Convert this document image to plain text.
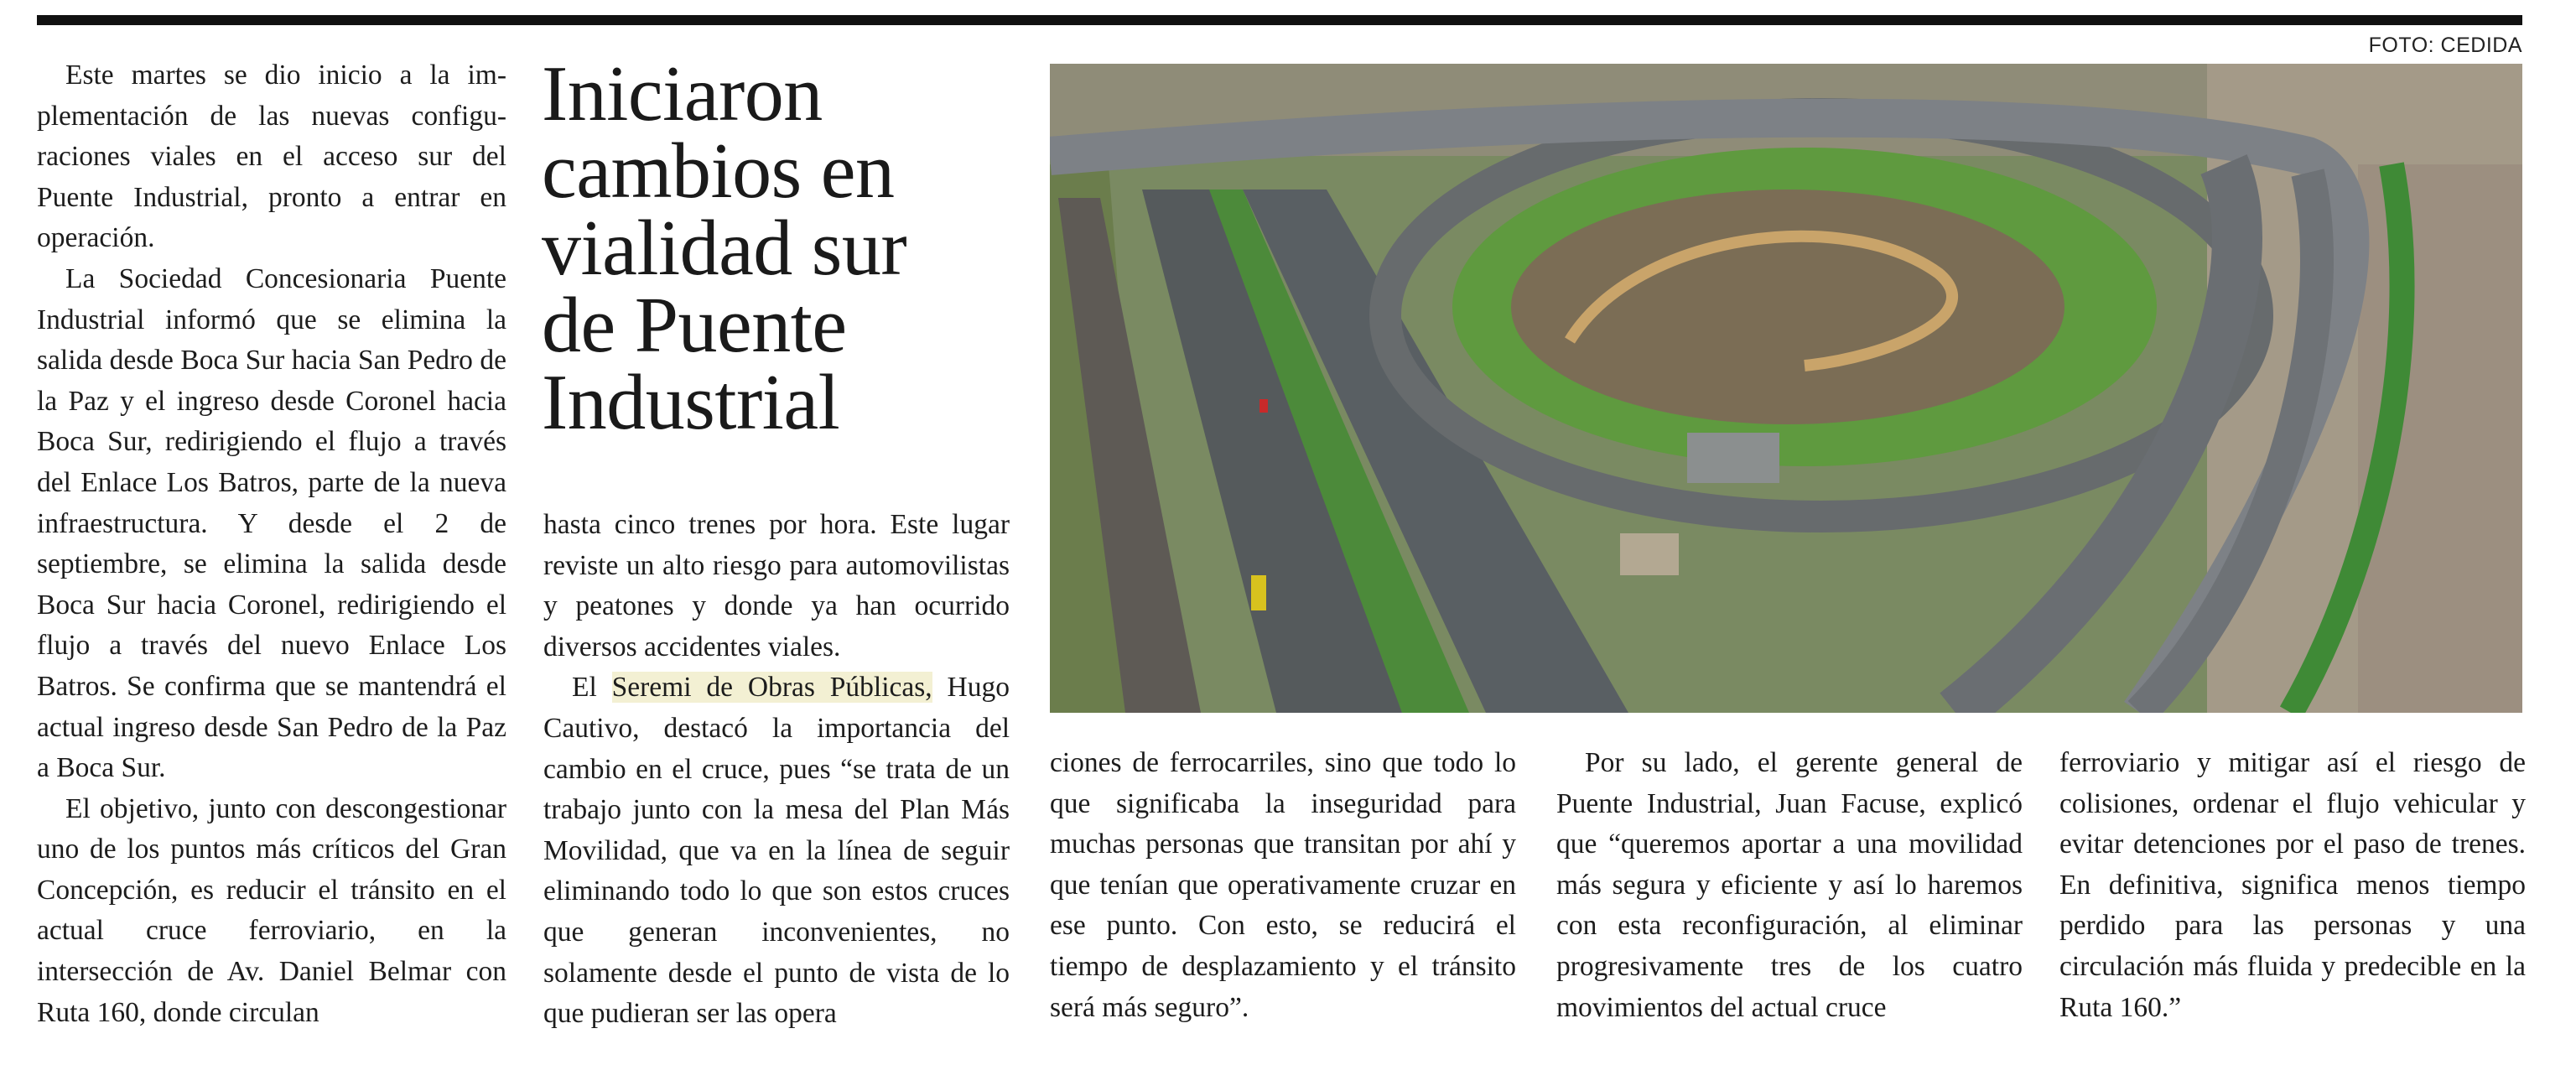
FOTO: CEDIDA

Este martes se dio inicio a la implementación de las nuevas configuraciones viales en el acceso sur del Puente Industrial, pronto a entrar en operación.

La Sociedad Concesionaria Puente Industrial informó que se elimina la salida desde Boca Sur hacia San Pedro de la Paz y el ingreso desde Coronel hacia Boca Sur, redirigiendo el flujo a través del Enlace Los Batros, parte de la nueva infraestructura. Y desde el 2 de septiembre, se elimina la salida desde Boca Sur hacia Coronel, redirigiendo el flujo a través del nuevo Enlace Los Batros. Se confirma que se mantendrá el actual ingreso desde San Pedro de la Paz a Boca Sur.

El objetivo, junto con descongestionar uno de los puntos más críticos del Gran Concepción, es reducir el tránsito en el actual cruce ferroviario, en la intersección de Av. Daniel Belmar con Ruta 160, donde circulan

Iniciaron
cambios en
vialidad sur
de Puente
Industrial

hasta cinco trenes por hora. Este lugar reviste un alto riesgo para automovilistas y peatones y donde ya han ocurrido diversos accidentes viales.

El Seremi de Obras Públicas, Hugo Cautivo, destacó la importancia del cambio en el cruce, pues “se trata de un trabajo junto con la mesa del Plan Más Movilidad, que va en la línea de seguir eliminando todo lo que son estos cruces que generan inconvenientes, no solamente desde el punto de vista de lo que pudieran ser las opera

ciones de ferrocarriles, sino que todo lo que significaba la inseguridad para muchas personas que transitan por ahí y que tenían que operativamente cruzar en ese punto. Con esto, se reducirá el tiempo de desplazamiento y el tránsito será más seguro”.

Por su lado, el gerente general de Puente Industrial, Juan Facuse, explicó que “queremos aportar a una movilidad más segura y eficiente y así lo haremos con esta reconfiguración, al eliminar progresivamente tres de los cuatro movimientos del actual cruce

ferroviario y mitigar así el riesgo de colisiones, ordenar el flujo vehicular y evitar detenciones por el paso de trenes. En definitiva, significa menos tiempo perdido para las personas y una circulación más fluida y predecible en la Ruta 160.”
